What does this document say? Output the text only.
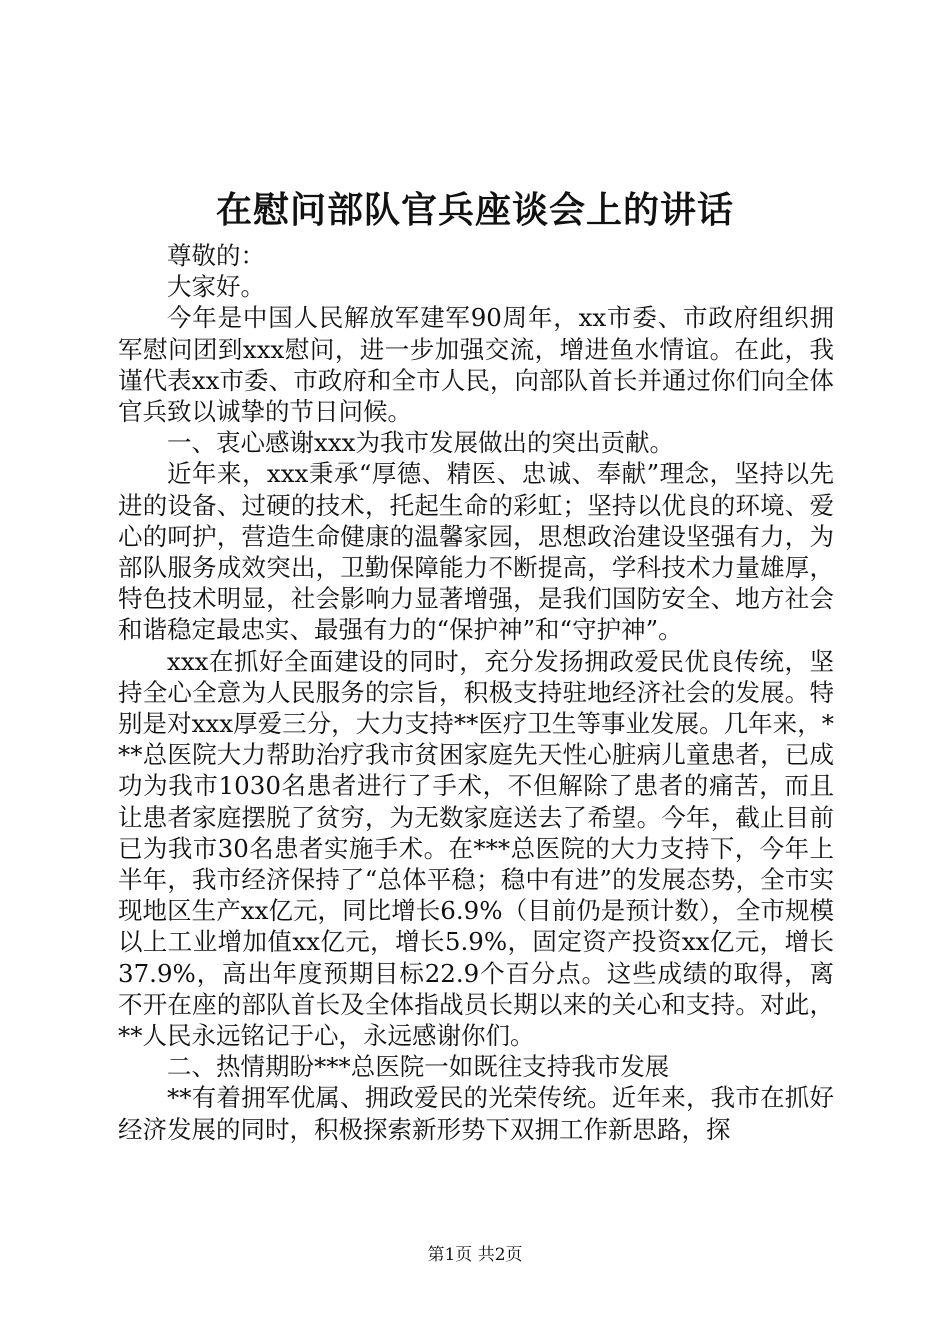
在慰问部队官兵座谈会上的讲话

尊敬的：

大家好。

今年是中国人民解放军建军90周年，xx市委、市政府组织拥军慰问团到xxx慰问，进一步加强交流，增进鱼水情谊。在此，我谨代表xx市委、市政府和全市人民，向部队首长并通过你们向全体官兵致以诚挚的节日问候。

一、衷心感谢xxx为我市发展做出的突出贡献。

近年来，xxx秉承“厚德、精医、忠诚、奉献”理念，坚持以先进的设备、过硬的技术，托起生命的彩虹；坚持以优良的环境、爱心的呵护，营造生命健康的温馨家园，思想政治建设坚强有力，为部队服务成效突出，卫勤保障能力不断提高，学科技术力量雄厚，特色技术明显，社会影响力显著增强，是我们国防安全、地方社会和谐稳定最忠实、最强有力的“保护神”和“守护神”。

xxx在抓好全面建设的同时，充分发扬拥政爱民优良传统，坚持全心全意为人民服务的宗旨，积极支持驻地经济社会的发展。特别是对xxx厚爱三分，大力支持**医疗卫生等事业发展。几年来，***总医院大力帮助治疗我市贫困家庭先天性心脏病儿童患者，已成功为我市1030名患者进行了手术，不但解除了患者的痛苦，而且让患者家庭摆脱了贫穷，为无数家庭送去了希望。今年，截止目前已为我市30名患者实施手术。在***总医院的大力支持下，今年上半年，我市经济保持了“总体平稳；稳中有进”的发展态势，全市实现地区生产xx亿元，同比增长6.9%（目前仍是预计数），全市规模以上工业增加值xx亿元，增长5.9%，固定资产投资xx亿元，增长37.9%，高出年度预期目标22.9个百分点。这些成绩的取得，离不开在座的部队首长及全体指战员长期以来的关心和支持。对此，**人民永远铭记于心，永远感谢你们。

二、热情期盼***总医院一如既往支持我市发展

**有着拥军优属、拥政爱民的光荣传统。近年来，我市在抓好经济发展的同时，积极探索新形势下双拥工作新思路，探

第1页 共2页
